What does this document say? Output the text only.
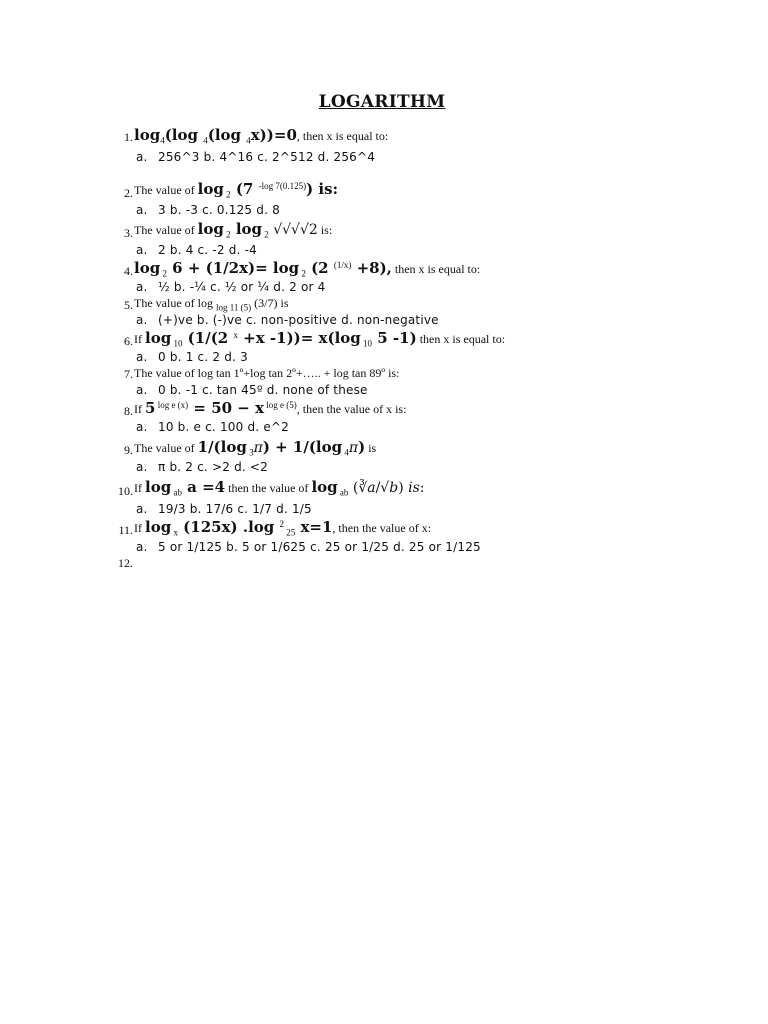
LOGARITHM
1. $\log_4(\log$ $_4$(log $_4$x))=0, then x is equal to:
a. 256^3 b. 4^16 c. 2^512 d. 256^4
2. The value of log $_2$ (7 $^{-log 7(0.125)}$) is:
a. 3 b. -3 c. 0.125 d. 8
3. The value of log $_2$ log $_2$ √√√√2 is:
a. 2 b. 4 c. -2 d. -4
4. log $_2$ 6 + (1/2x)= log $_2$ (2 $^{(1/x)}$ +8), then x is equal to:
a. ½ b. -¼ c. ½ or ¼ d. 2 or 4
5. The value of log $_{log 11 (5)}$ (3/7) is
a. (+)ve b. (-)ve c. non-positive d. non-negative
6. If log $_{10}$ (1/(2 $^x$ +x -1))= x(log $_{10}$ 5 -1) then x is equal to:
a. 0 b. 1 c. 2 d. 3
7. The value of log tan 1º+log tan 2º+….. + log tan 89º is:
a. 0 b. -1 c. tan 45º d. none of these
8. If 5 $^{log e (x)}$ = 50 − x $^{log e (5)}$, then the value of x is:
a. 10 b. e c. 100 d. e^2
9. The value of 1/(log $_3$π) + 1/(log $_4$π) is
a. π b. 2 c. >2 d. <2
10. If log $_{ab}$ a =4 then the value of log $_{ab}$ (∛a/√b) is:
a. 19/3 b. 17/6 c. 1/7 d. 1/5
11. If log $_x$ (125x) .log $^2$ $_{25}$ x=1, then the value of x:
a. 5 or 1/125 b. 5 or 1/625 c. 25 or 1/25 d. 25 or 1/125
12.
